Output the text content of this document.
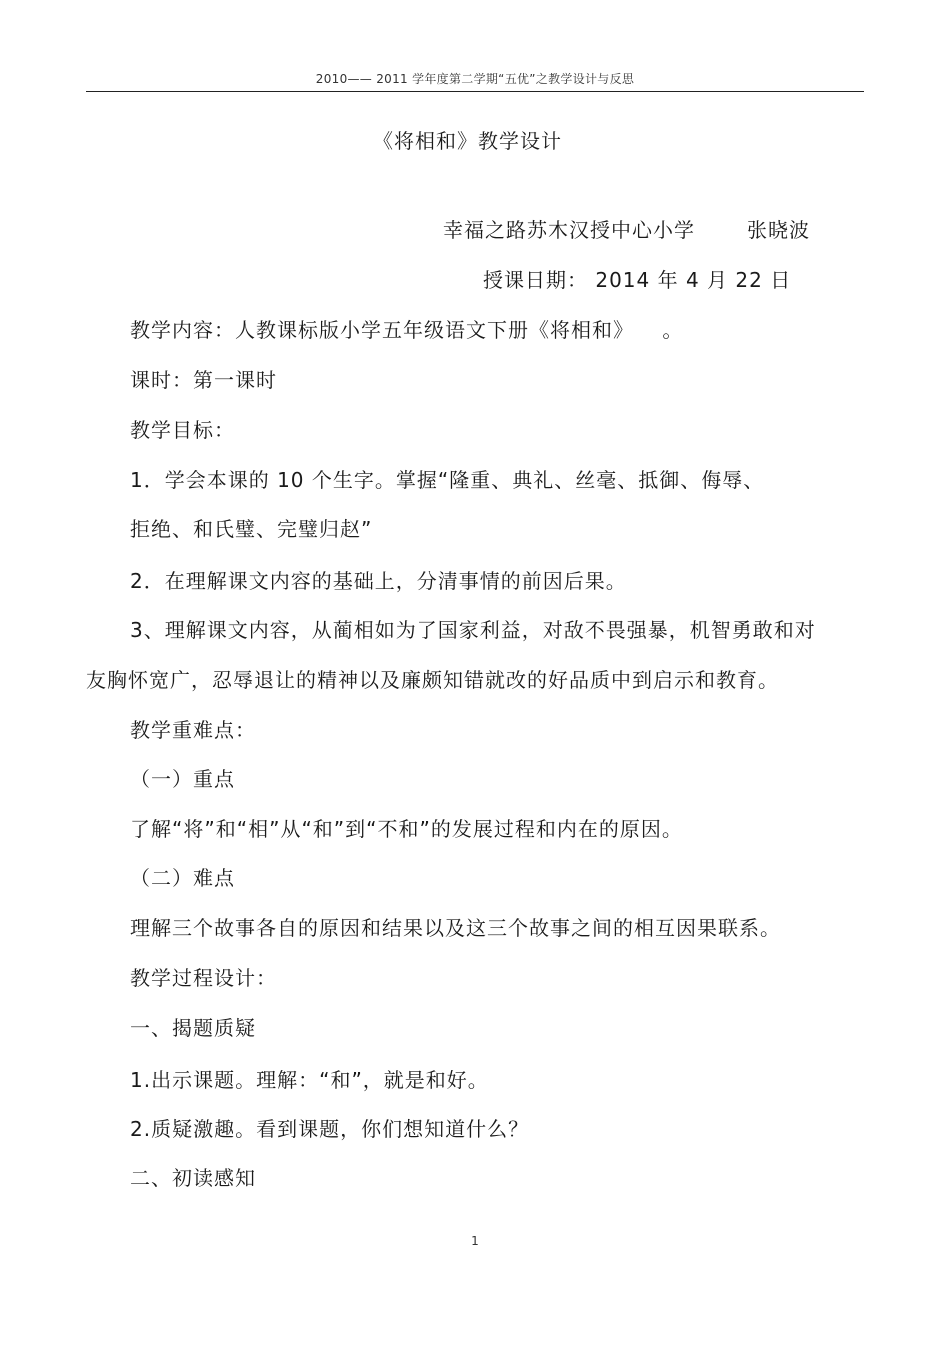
2010—— 2011 学年度第二学期“五优”之教学设计与反思
《将相和》教学设计
幸福之路苏木汉授中心小学	张晓波
授课日期： 2014 年 4 月 22 日
教学内容：人教课标版小学五年级语文下册《将相和》 　。
课时：第一课时
教学目标：
1．学会本课的 10 个生字。掌握“隆重、典礼、丝毫、抵御、侮辱、
拒绝、和氏璧、完璧归赵”
2．在理解课文内容的基础上，分清事情的前因后果。
3、理解课文内容，从蔺相如为了国家利益，对敌不畏强暴，机智勇敢和对
友胸怀宽广，忍辱退让的精神以及廉颇知错就改的好品质中到启示和教育。
教学重难点：
（一）重点
了解“将”和“相”从“和”到“不和”的发展过程和内在的原因。
（二）难点
理解三个故事各自的原因和结果以及这三个故事之间的相互因果联系。
教学过程设计：
一、揭题质疑
1.出示课题。理解：“和”，就是和好。
2.质疑激趣。看到课题，你们想知道什么？
二、初读感知
1
